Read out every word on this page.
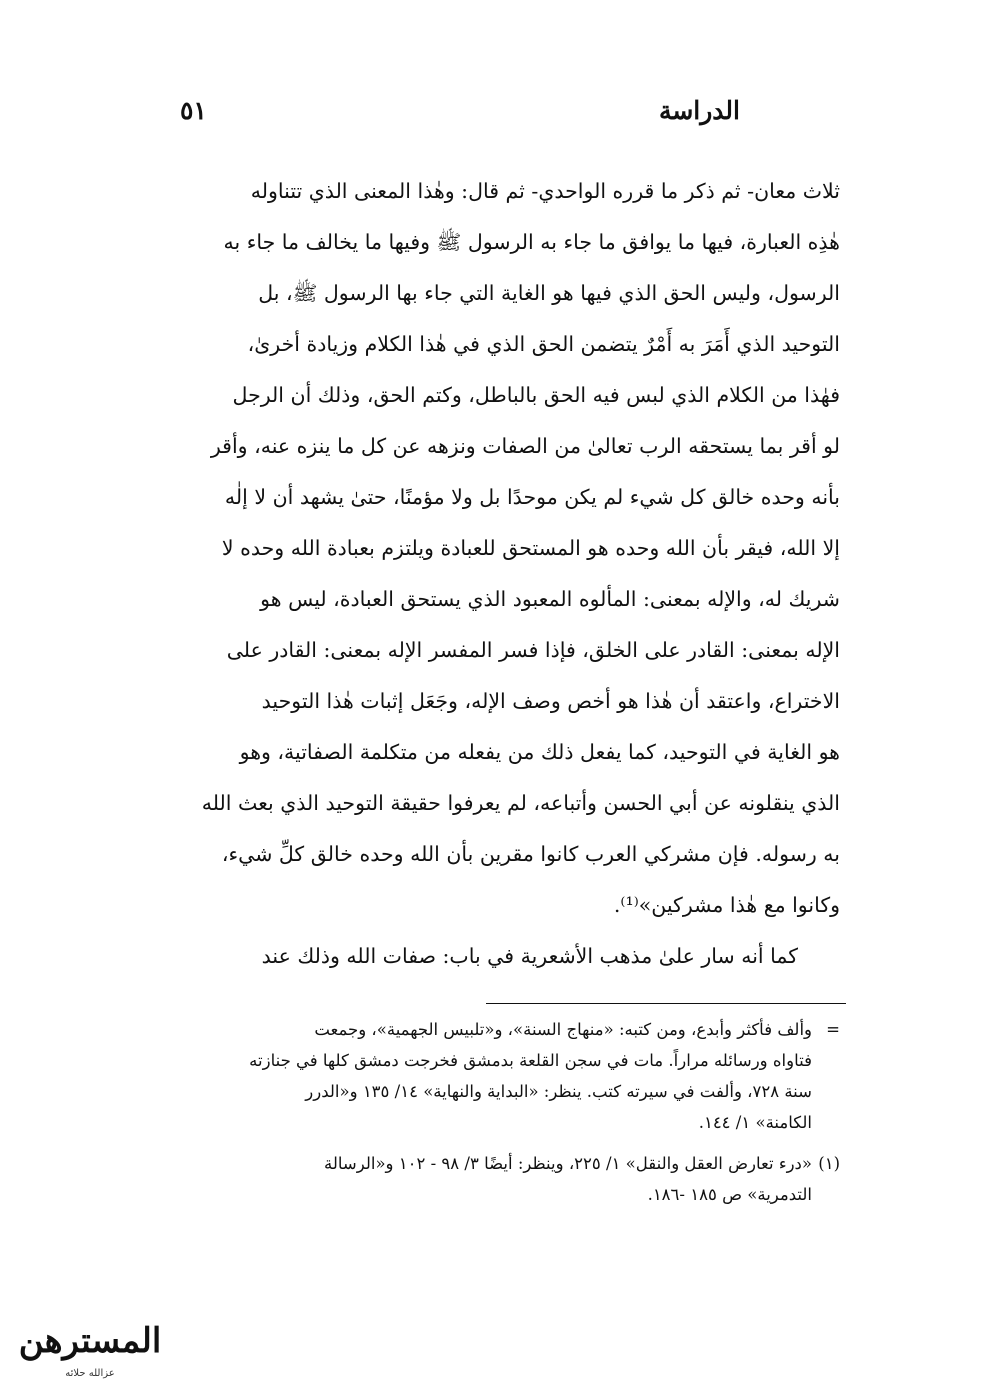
الدراسة
٥١
ثلاث معان- ثم ذكر ما قرره الواحدي- ثم قال: وهٰذا المعنى الذي تتناوله
هٰذِه العبارة، فيها ما يوافق ما جاء به الرسول ﷺ وفيها ما يخالف ما جاء به
الرسول، وليس الحق الذي فيها هو الغاية التي جاء بها الرسول ﷺ، بل
التوحيد الذي أَمَرَ به أَمْرٌ يتضمن الحق الذي في هٰذا الكلام وزيادة أخرىٰ،
فهٰذا من الكلام الذي لبس فيه الحق بالباطل، وكتم الحق، وذلك أن الرجل
لو أقر بما يستحقه الرب تعالىٰ من الصفات ونزهه عن كل ما ينزه عنه، وأقر
بأنه وحده خالق كل شيء لم يكن موحدًا بل ولا مؤمنًا، حتىٰ يشهد أن لا إلٰه
إلا الله، فيقر بأن الله وحده هو المستحق للعبادة ويلتزم بعبادة الله وحده لا
شريك له، والإله بمعنى: المألوه المعبود الذي يستحق العبادة، ليس هو
الإله بمعنى: القادر على الخلق، فإذا فسر المفسر الإله بمعنى: القادر على
الاختراع، واعتقد أن هٰذا هو أخص وصف الإله، وجَعَل إثبات هٰذا التوحيد
هو الغاية في التوحيد، كما يفعل ذلك من يفعله من متكلمة الصفاتية، وهو
الذي ينقلونه عن أبي الحسن وأتباعه، لم يعرفوا حقيقة التوحيد الذي بعث الله
به رسوله. فإن مشركي العرب كانوا مقرين بأن الله وحده خالق كلِّ شيء،
وكانوا مع هٰذا مشركين»⁽¹⁾.
كما أنه سار علىٰ مذهب الأشعرية في باب: صفات الله وذلك عند
=
وألف فأكثر وأبدع، ومن كتبه: «منهاج السنة»، و«تلبيس الجهمية»، وجمعت
فتاواه ورسائله مراراً. مات في سجن القلعة بدمشق فخرجت دمشق كلها في جنازته
سنة ٧٢٨، وألفت في سيرته كتب. ينظر: «البداية والنهاية» ١٤/ ١٣٥ و«الدرر
الكامنة» ١/ ١٤٤.
(١)
«درء تعارض العقل والنقل» ١/ ٢٢٥، وينظر: أيضًا ٣/ ٩٨ - ١٠٢ و«الرسالة
التدمرية» ص ١٨٥ -١٨٦.
المسترهن
عزالله حلائه
